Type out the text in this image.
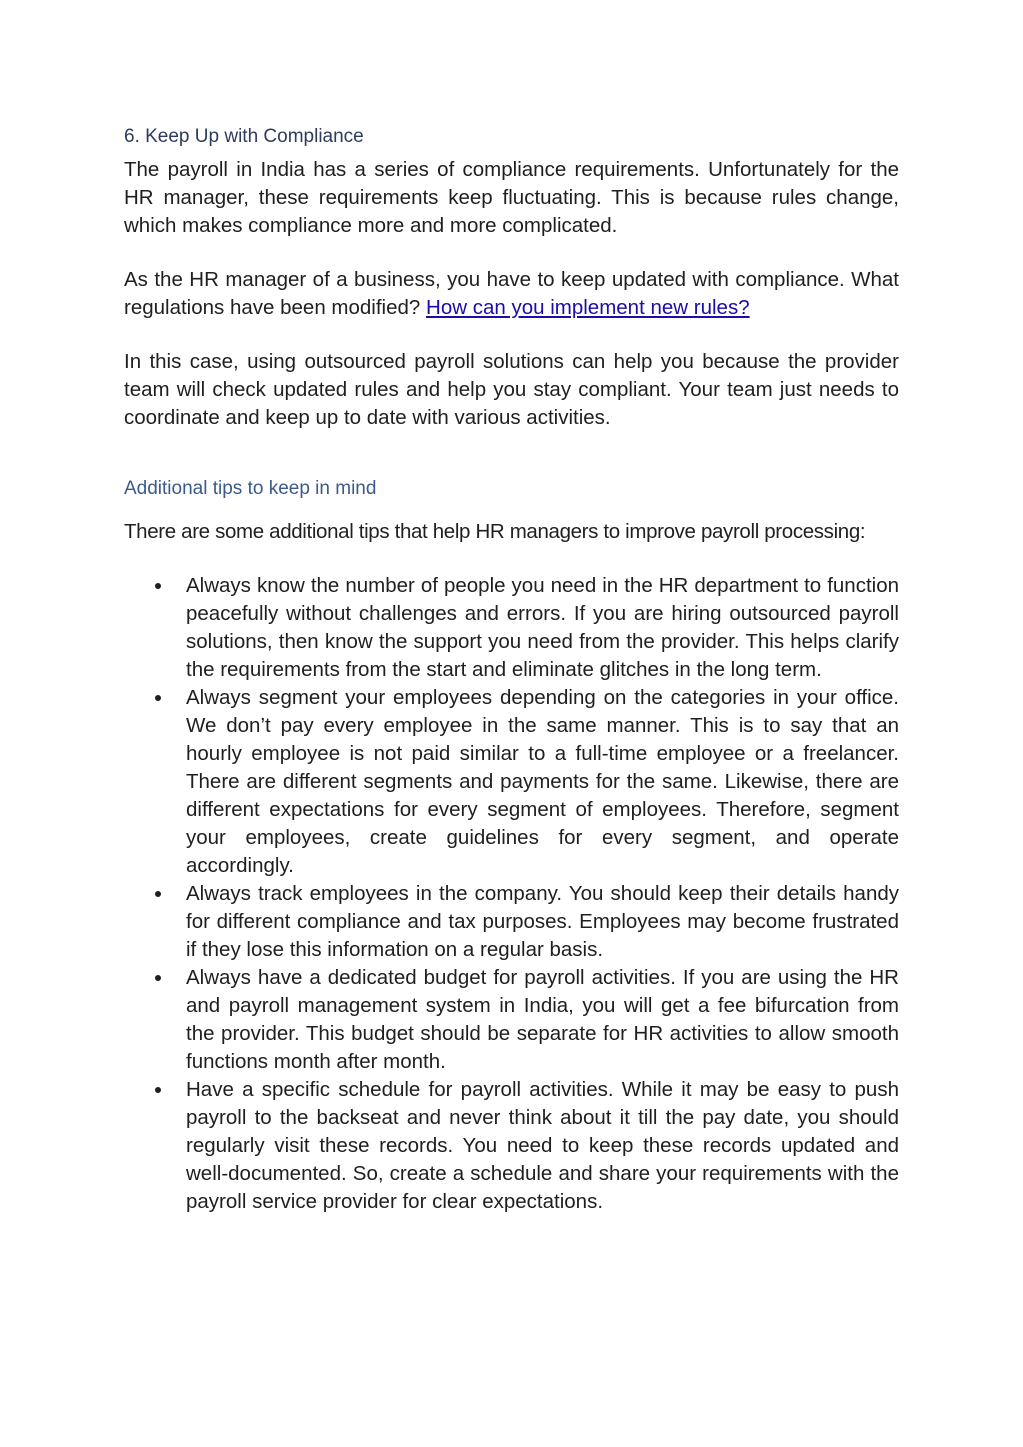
6. Keep Up with Compliance

The payroll in India has a series of compliance requirements. Unfortunately for the HR manager, these requirements keep fluctuating. This is because rules change, which makes compliance more and more complicated.

As the HR manager of a business, you have to keep updated with compliance. What regulations have been modified? How can you implement new rules?

In this case, using outsourced payroll solutions can help you because the provider team will check updated rules and help you stay compliant. Your team just needs to coordinate and keep up to date with various activities.

Additional tips to keep in mind

There are some additional tips that help HR managers to improve payroll processing:

Always know the number of people you need in the HR department to function peacefully without challenges and errors. If you are hiring outsourced payroll solutions, then know the support you need from the provider. This helps clarify the requirements from the start and eliminate glitches in the long term.
Always segment your employees depending on the categories in your office. We don’t pay every employee in the same manner. This is to say that an hourly employee is not paid similar to a full-time employee or a freelancer. There are different segments and payments for the same. Likewise, there are different expectations for every segment of employees. Therefore, segment your employees, create guidelines for every segment, and operate accordingly.
Always track employees in the company. You should keep their details handy for different compliance and tax purposes. Employees may become frustrated if they lose this information on a regular basis.
Always have a dedicated budget for payroll activities. If you are using the HR and payroll management system in India, you will get a fee bifurcation from the provider. This budget should be separate for HR activities to allow smooth functions month after month.
Have a specific schedule for payroll activities. While it may be easy to push payroll to the backseat and never think about it till the pay date, you should regularly visit these records. You need to keep these records updated and well-documented. So, create a schedule and share your requirements with the payroll service provider for clear expectations.
